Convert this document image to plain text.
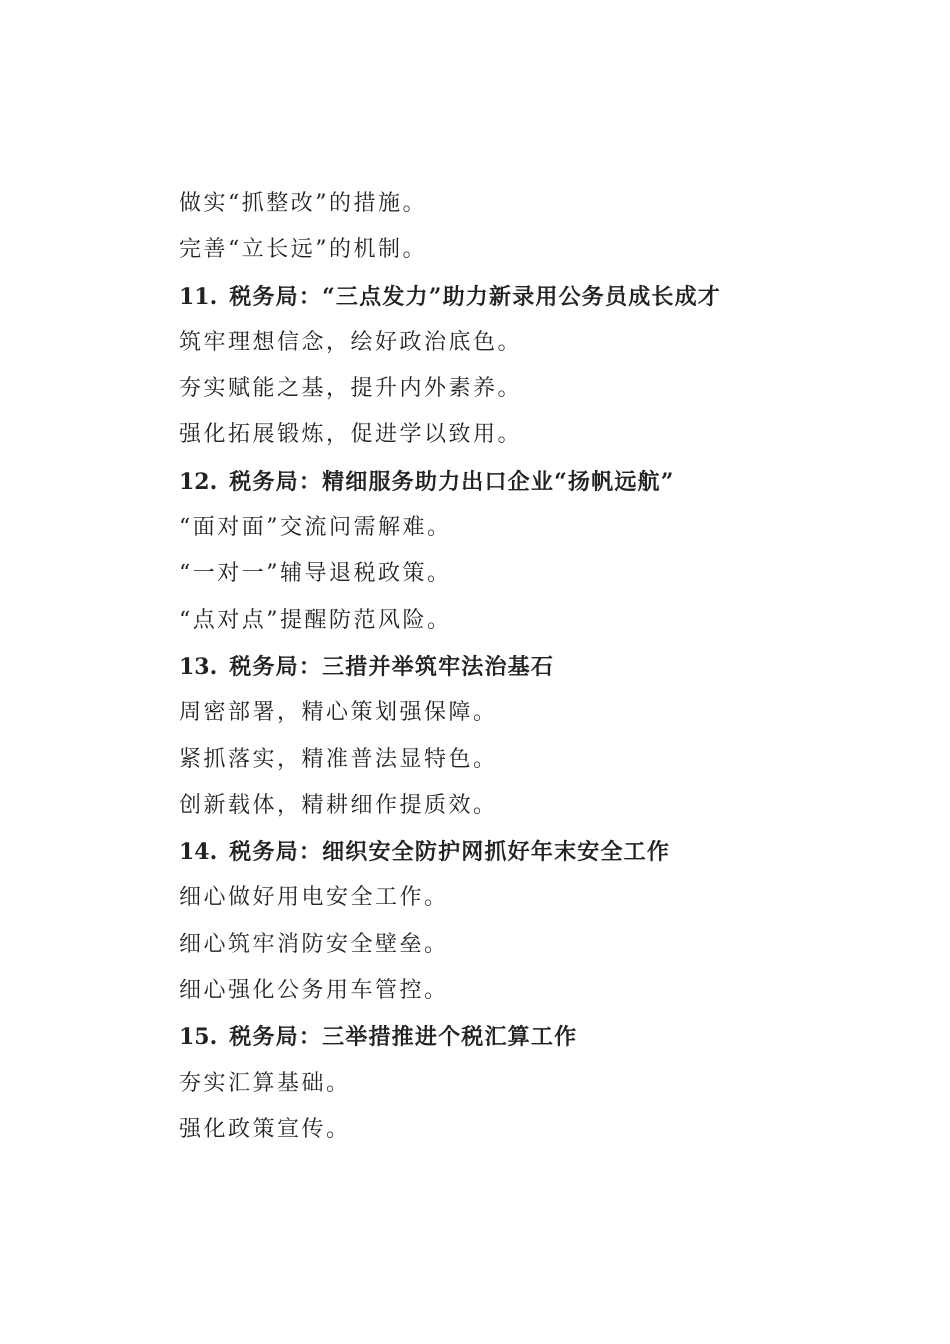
做实“抓整改”的措施。
完善“立长远”的机制。
11. 税务局：“三点发力”助力新录用公务员成长成才
筑牢理想信念，绘好政治底色。
夯实赋能之基，提升内外素养。
强化拓展锻炼，促进学以致用。
12. 税务局：精细服务助力出口企业“扬帆远航”
“面对面”交流问需解难。
“一对一”辅导退税政策。
“点对点”提醒防范风险。
13. 税务局：三措并举筑牢法治基石
周密部署，精心策划强保障。
紧抓落实，精准普法显特色。
创新载体，精耕细作提质效。
14. 税务局：细织安全防护网抓好年末安全工作
细心做好用电安全工作。
细心筑牢消防安全壁垒。
细心强化公务用车管控。
15. 税务局：三举措推进个税汇算工作
夯实汇算基础。
强化政策宣传。
